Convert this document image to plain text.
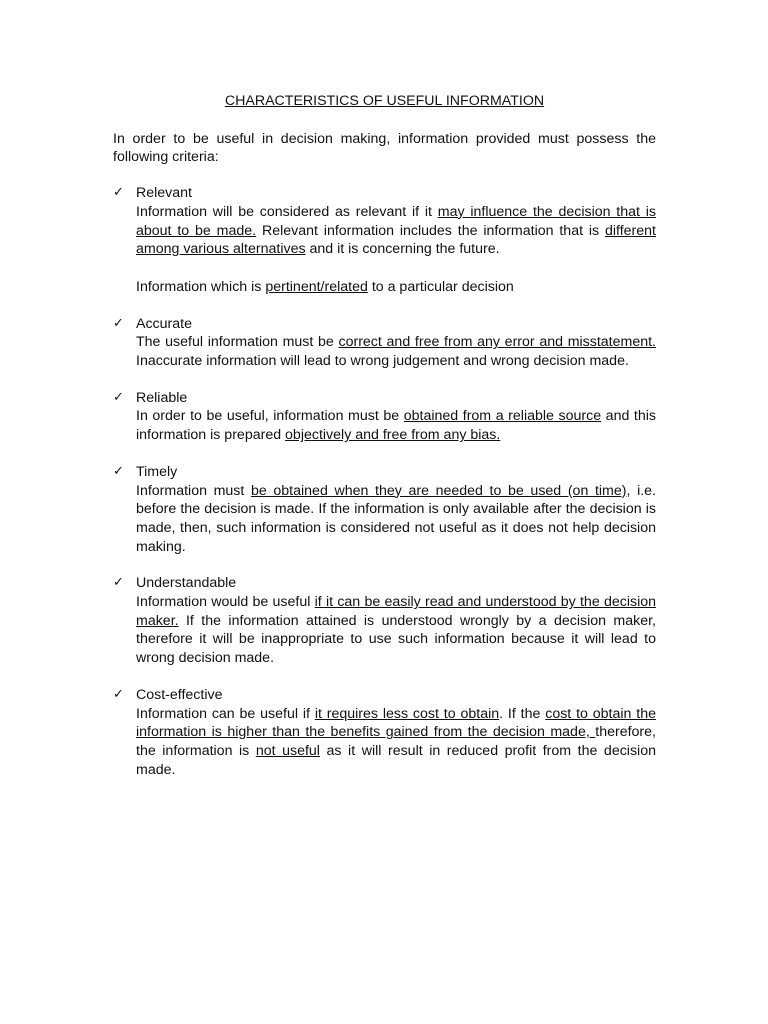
CHARACTERISTICS OF USEFUL INFORMATION

In order to be useful in decision making, information provided must possess the following criteria:

✓ Relevant
Information will be considered as relevant if it may influence the decision that is about to be made. Relevant information includes the information that is different among various alternatives and it is concerning the future.
Information which is pertinent/related to a particular decision
✓ Accurate
The useful information must be correct and free from any error and misstatement. Inaccurate information will lead to wrong judgement and wrong decision made.
✓ Reliable
In order to be useful, information must be obtained from a reliable source and this information is prepared objectively and free from any bias.
✓ Timely
Information must be obtained when they are needed to be used (on time), i.e. before the decision is made. If the information is only available after the decision is made, then, such information is considered not useful as it does not help decision making.
✓ Understandable
Information would be useful if it can be easily read and understood by the decision maker. If the information attained is understood wrongly by a decision maker, therefore it will be inappropriate to use such information because it will lead to wrong decision made.
✓ Cost-effective
Information can be useful if it requires less cost to obtain. If the cost to obtain the information is higher than the benefits gained from the decision made, therefore, the information is not useful as it will result in reduced profit from the decision made.
